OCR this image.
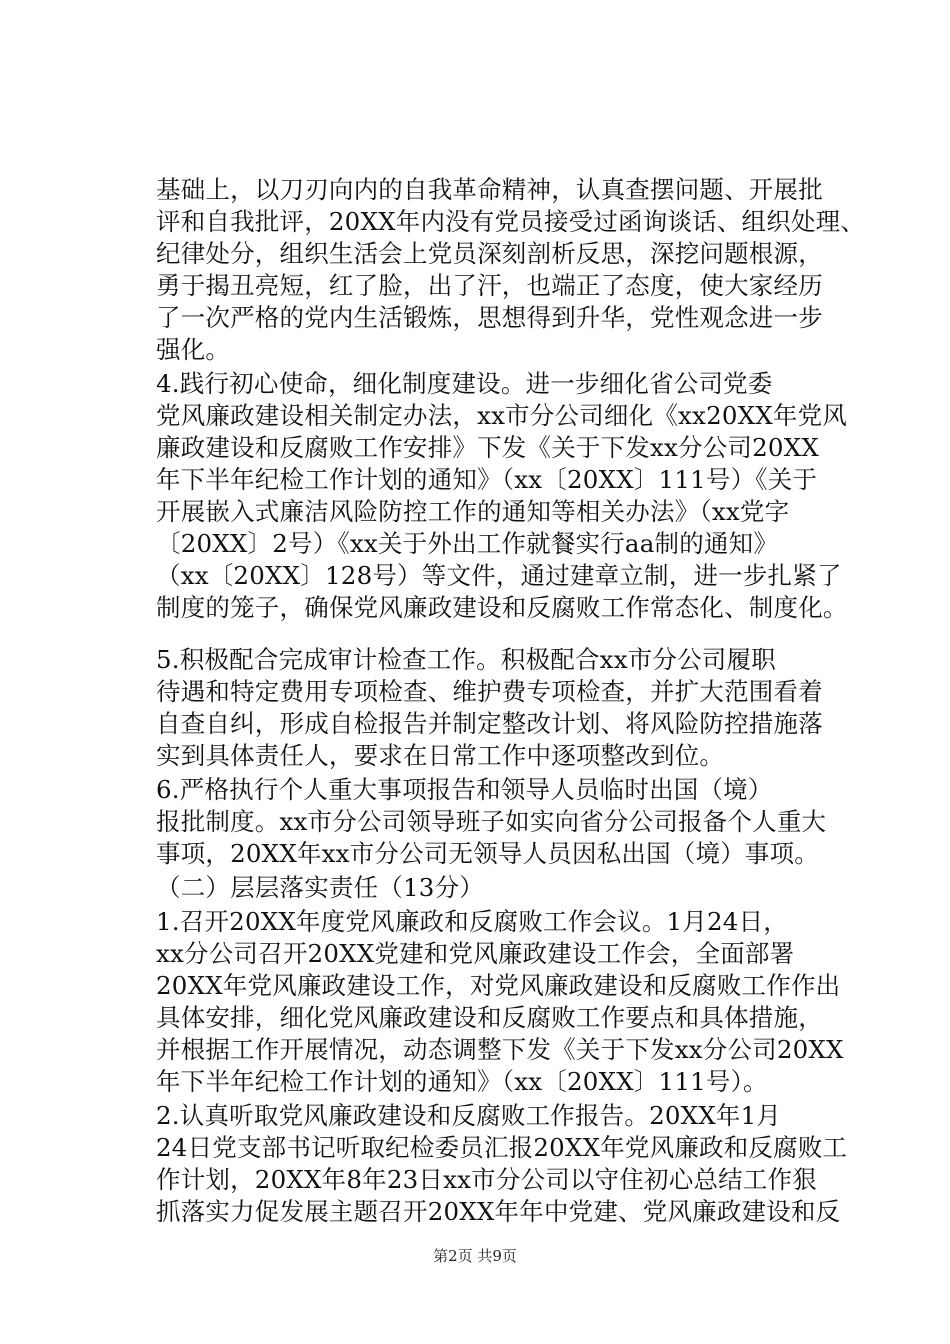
基础上，以刀刃向内的自我革命精神，认真查摆问题、开展批
评和自我批评，20XX年内没有党员接受过函询谈话、组织处理、
纪律处分，组织生活会上党员深刻剖析反思，深挖问题根源，
勇于揭丑亮短，红了脸，出了汗，也端正了态度，使大家经历
了一次严格的党内生活锻炼，思想得到升华，党性观念进一步
强化。
4.践行初心使命，细化制度建设。进一步细化省公司党委
党风廉政建设相关制定办法，xx市分公司细化《xx20XX年党风
廉政建设和反腐败工作安排》下发《关于下发xx分公司20XX
年下半年纪检工作计划的通知》（xx〔20XX〕111号）《关于
开展嵌入式廉洁风险防控工作的通知等相关办法》（xx党字
〔20XX〕2号）《xx关于外出工作就餐实行aa制的通知》
（xx〔20XX〕128号）等文件，通过建章立制，进一步扎紧了
制度的笼子，确保党风廉政建设和反腐败工作常态化、制度化。
5.积极配合完成审计检查工作。积极配合xx市分公司履职
待遇和特定费用专项检查、维护费专项检查，并扩大范围看着
自查自纠，形成自检报告并制定整改计划、将风险防控措施落
实到具体责任人，要求在日常工作中逐项整改到位。
6.严格执行个人重大事项报告和领导人员临时出国（境）
报批制度。xx市分公司领导班子如实向省分公司报备个人重大
事项，20XX年xx市分公司无领导人员因私出国（境）事项。
（二）层层落实责任（13分）
1.召开20XX年度党风廉政和反腐败工作会议。1月24日，
xx分公司召开20XX党建和党风廉政建设工作会，全面部署
20XX年党风廉政建设工作，对党风廉政建设和反腐败工作作出
具体安排，细化党风廉政建设和反腐败工作要点和具体措施，
并根据工作开展情况，动态调整下发《关于下发xx分公司20XX
年下半年纪检工作计划的通知》（xx〔20XX〕111号）。
2.认真听取党风廉政建设和反腐败工作报告。20XX年1月
24日党支部书记听取纪检委员汇报20XX年党风廉政和反腐败工
作计划，20XX年8年23日xx市分公司以守住初心总结工作狠
抓落实力促发展主题召开20XX年年中党建、党风廉政建设和反
第2页 共9页
